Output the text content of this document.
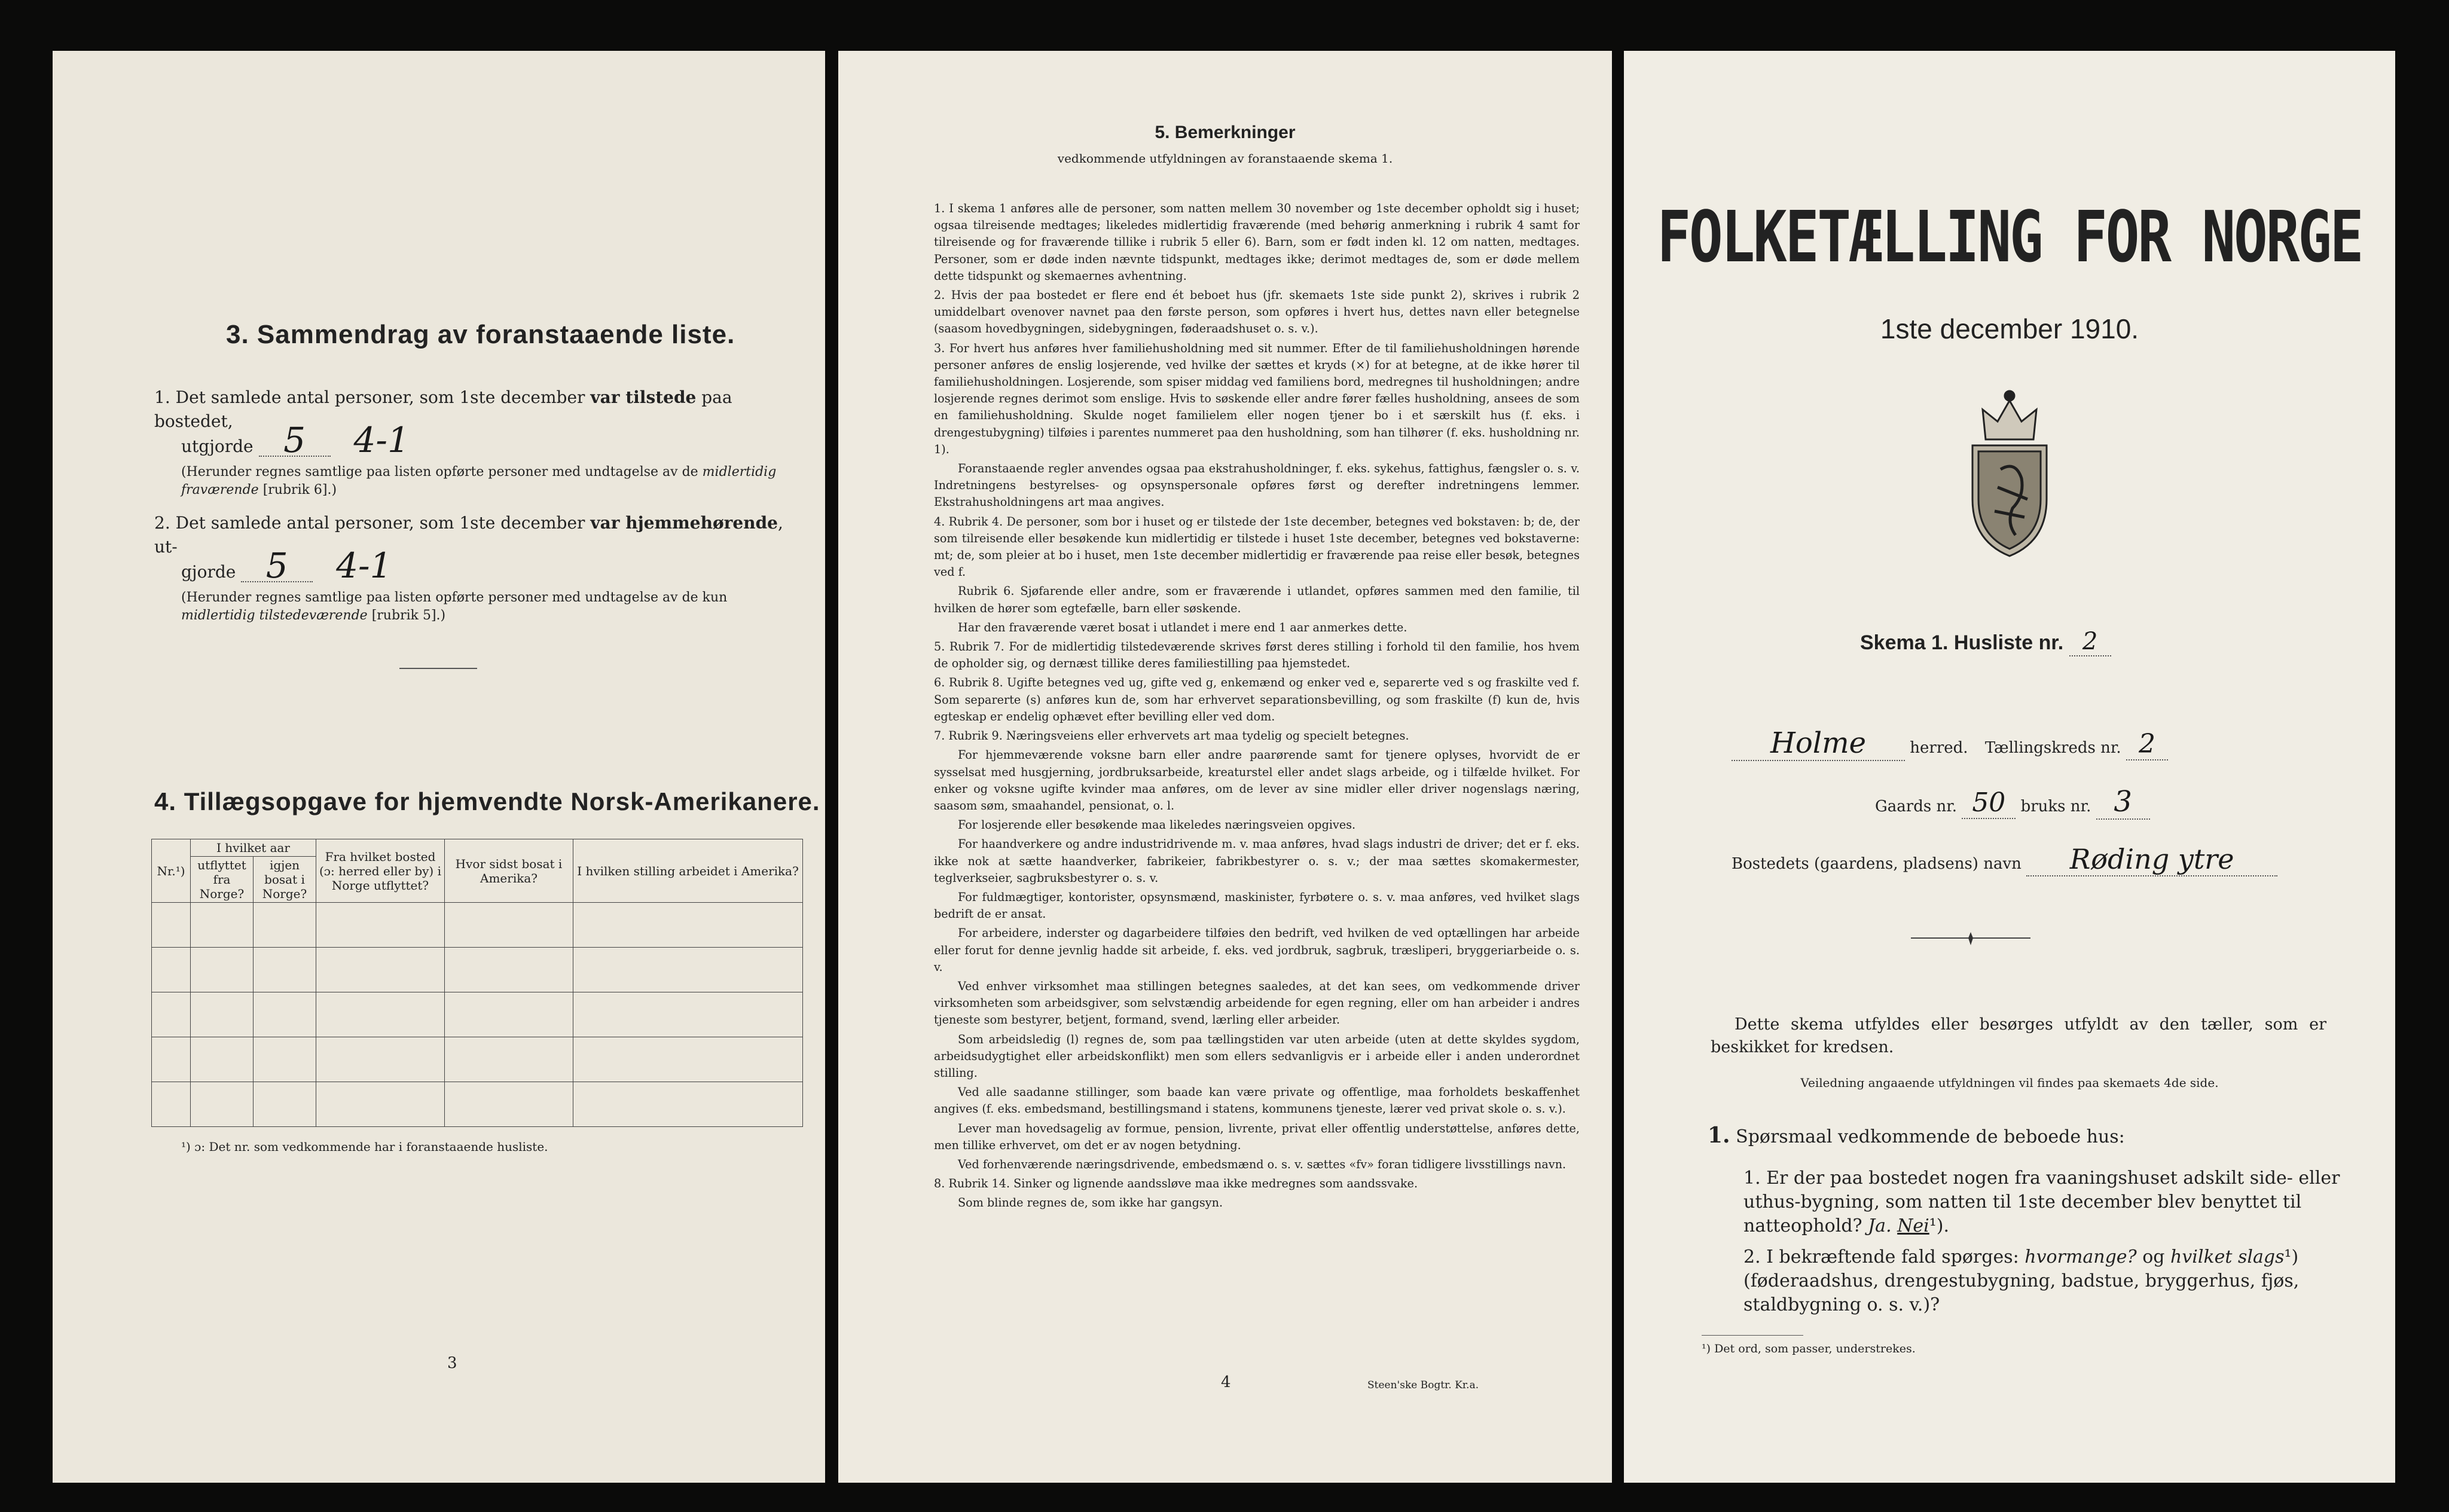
3. Sammendrag av foranstaaende liste.
1. Det samlede antal personer, som 1ste december var tilstede paa bostedet,
utgjorde 5 4-1
(Herunder regnes samtlige paa listen opførte personer med undtagelse av de midlertidig fraværende [rubrik 6].)
2. Det samlede antal personer, som 1ste december var hjemmehørende, ut-
gjorde 5 4-1
(Herunder regnes samtlige paa listen opførte personer med undtagelse av de kun midlertidig tilstedeværende [rubrik 5].)
4. Tillægsopgave for hjemvendte Norsk-Amerikanere.
Nr.¹)	I hvilket aar		Fra hvilket bosted (ɔ: herred eller by) i Norge utflyttet?	Hvor sidst bosat i Amerika?	I hvilken stilling arbeidet i Amerika?
	utflyttet fra Norge?	igjen bosat i Norge?			

¹) ɔ: Det nr. som vedkommende har i foranstaaende husliste.
3
5. Bemerkninger
vedkommende utfyldningen av foranstaaende skema 1.

1. I skema 1 anføres alle de personer, som natten mellem 30 november og 1ste december opholdt sig i huset; ogsaa tilreisende medtages; likeledes midlertidig fraværende (med behørig anmerkning i rubrik 4 samt for tilreisende og for fraværende tillike i rubrik 5 eller 6). Barn, som er født inden kl. 12 om natten, medtages. Personer, som er døde inden nævnte tidspunkt, medtages ikke; derimot medtages de, som er døde mellem dette tidspunkt og skemaernes avhentning.

2. Hvis der paa bostedet er flere end ét beboet hus (jfr. skemaets 1ste side punkt 2), skrives i rubrik 2 umiddelbart ovenover navnet paa den første person, som opføres i hvert hus, dettes navn eller betegnelse (saasom hovedbygningen, sidebygningen, føderaadshuset o. s. v.).

3. For hvert hus anføres hver familiehusholdning med sit nummer. Efter de til familiehusholdningen hørende personer anføres de enslig losjerende, ved hvilke der sættes et kryds (×) for at betegne, at de ikke hører til familiehusholdningen. Losjerende, som spiser middag ved familiens bord, medregnes til husholdningen; andre losjerende regnes derimot som enslige. Hvis to søskende eller andre fører fælles husholdning, ansees de som en familiehusholdning. Skulde noget familielem eller nogen tjener bo i et særskilt hus (f. eks. i drengestubygning) tilføies i parentes nummeret paa den husholdning, som han tilhører (f. eks. husholdning nr. 1).

Foranstaaende regler anvendes ogsaa paa ekstrahusholdninger, f. eks. sykehus, fattighus, fængsler o. s. v. Indretningens bestyrelses- og opsynspersonale opføres først og derefter indretningens lemmer. Ekstrahusholdningens art maa angives.

4. Rubrik 4. De personer, som bor i huset og er tilstede der 1ste december, betegnes ved bokstaven: b; de, der som tilreisende eller besøkende kun midlertidig er tilstede i huset 1ste december, betegnes ved bokstaverne: mt; de, som pleier at bo i huset, men 1ste december midlertidig er fraværende paa reise eller besøk, betegnes ved f.

Rubrik 6. Sjøfarende eller andre, som er fraværende i utlandet, opføres sammen med den familie, til hvilken de hører som egtefælle, barn eller søskende.

Har den fraværende været bosat i utlandet i mere end 1 aar anmerkes dette.

5. Rubrik 7. For de midlertidig tilstedeværende skrives først deres stilling i forhold til den familie, hos hvem de opholder sig, og dernæst tillike deres familiestilling paa hjemstedet.

6. Rubrik 8. Ugifte betegnes ved ug, gifte ved g, enkemænd og enker ved e, separerte ved s og fraskilte ved f. Som separerte (s) anføres kun de, som har erhvervet separationsbevilling, og som fraskilte (f) kun de, hvis egteskap er endelig ophævet efter bevilling eller ved dom.

7. Rubrik 9. Næringsveiens eller erhvervets art maa tydelig og specielt betegnes.

For hjemmeværende voksne barn eller andre paarørende samt for tjenere oplyses, hvorvidt de er sysselsat med husgjerning, jordbruksarbeide, kreaturstel eller andet slags arbeide, og i tilfælde hvilket. For enker og voksne ugifte kvinder maa anføres, om de lever av sine midler eller driver nogenslags næring, saasom søm, smaahandel, pensionat, o. l.

For losjerende eller besøkende maa likeledes næringsveien opgives.

For haandverkere og andre industridrivende m. v. maa anføres, hvad slags industri de driver; det er f. eks. ikke nok at sætte haandverker, fabrikeier, fabrikbestyrer o. s. v.; der maa sættes skomakermester, teglverkseier, sagbruksbestyrer o. s. v.

For fuldmægtiger, kontorister, opsynsmænd, maskinister, fyrbøtere o. s. v. maa anføres, ved hvilket slags bedrift de er ansat.

For arbeidere, inderster og dagarbeidere tilføies den bedrift, ved hvilken de ved optællingen har arbeide eller forut for denne jevnlig hadde sit arbeide, f. eks. ved jordbruk, sagbruk, træsliperi, bryggeriarbeide o. s. v.

Ved enhver virksomhet maa stillingen betegnes saaledes, at det kan sees, om vedkommende driver virksomheten som arbeidsgiver, som selvstændig arbeidende for egen regning, eller om han arbeider i andres tjeneste som bestyrer, betjent, formand, svend, lærling eller arbeider.

Som arbeidsledig (l) regnes de, som paa tællingstiden var uten arbeide (uten at dette skyldes sygdom, arbeidsudygtighet eller arbeidskonflikt) men som ellers sedvanligvis er i arbeide eller i anden underordnet stilling.

Ved alle saadanne stillinger, som baade kan være private og offentlige, maa forholdets beskaffenhet angives (f. eks. embedsmand, bestillingsmand i statens, kommunens tjeneste, lærer ved privat skole o. s. v.).

Lever man hovedsagelig av formue, pension, livrente, privat eller offentlig understøttelse, anføres dette, men tillike erhvervet, om det er av nogen betydning.

Ved forhenværende næringsdrivende, embedsmænd o. s. v. sættes «fv» foran tidligere livsstillings navn.

8. Rubrik 14. Sinker og lignende aandssløve maa ikke medregnes som aandssvake.

Som blinde regnes de, som ikke har gangsyn.

4	Steen'ske Bogtr. Kr.a.
FOLKETÆLLING FOR NORGE
1ste december 1910.
Skema 1. Husliste nr. 2
Holme	herred. Tællingskreds nr. 2
Gaards nr. 50 bruks nr. 3
Bostedets (gaardens, pladsens) navn Røding ytre
Dette skema utfyldes eller besørges utfyldt av den tæller, som er beskikket for kredsen.
Veiledning angaaende utfyldningen vil findes paa skemaets 4de side.
1. Spørsmaal vedkommende de beboede hus:
1. Er der paa bostedet nogen fra vaaningshuset adskilt side- eller uthus-bygning, som natten til 1ste december blev benyttet til natteophold? Ja. Nei¹).
2. I bekræftende fald spørges: hvormange? og hvilket slags¹) (føderaadshus, drengestubygning, badstue, bryggerhus, fjøs, staldbygning o. s. v.)?
¹) Det ord, som passer, understrekes.
